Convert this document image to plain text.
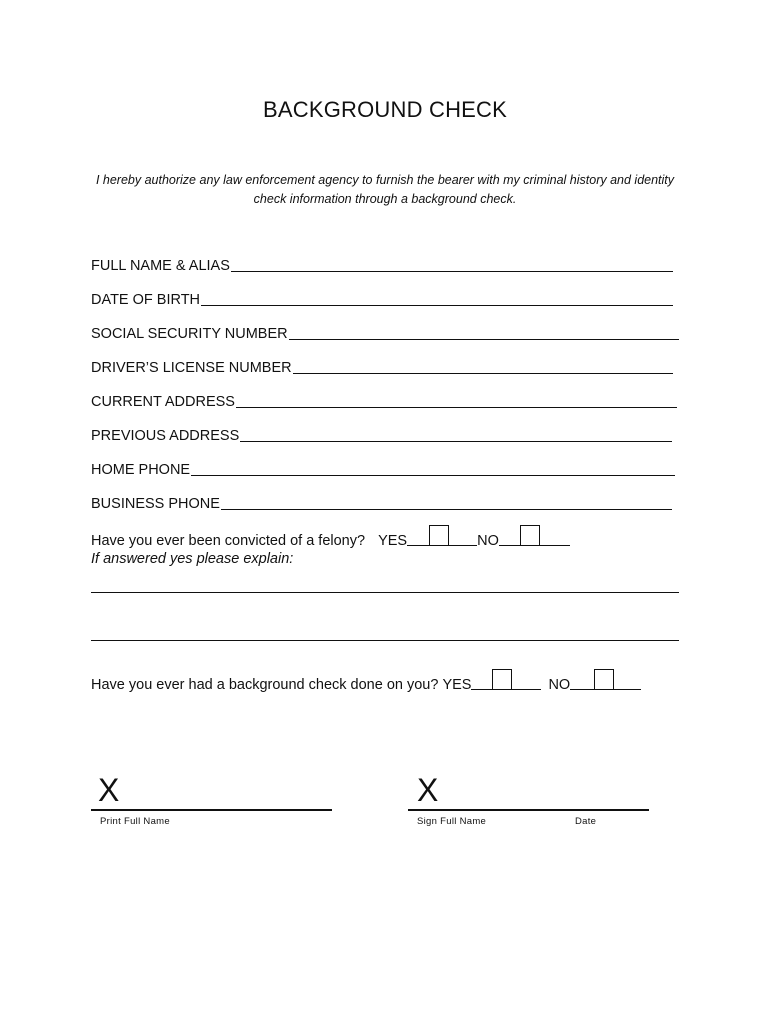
BACKGROUND CHECK
I hereby authorize any law enforcement agency to furnish the bearer with my criminal history and identity check information through a background check.
FULL NAME & ALIAS
DATE OF BIRTH
SOCIAL SECURITY NUMBER
DRIVER’S LICENSE NUMBER
CURRENT ADDRESS
PREVIOUS ADDRESS
HOME PHONE
BUSINESS PHONE
Have you ever been convicted of a felony? YES	NO
If answered yes please explain:
Have you ever had a background check done on you? YES	NO
X
Print Full Name
X
Sign Full Name	Date
